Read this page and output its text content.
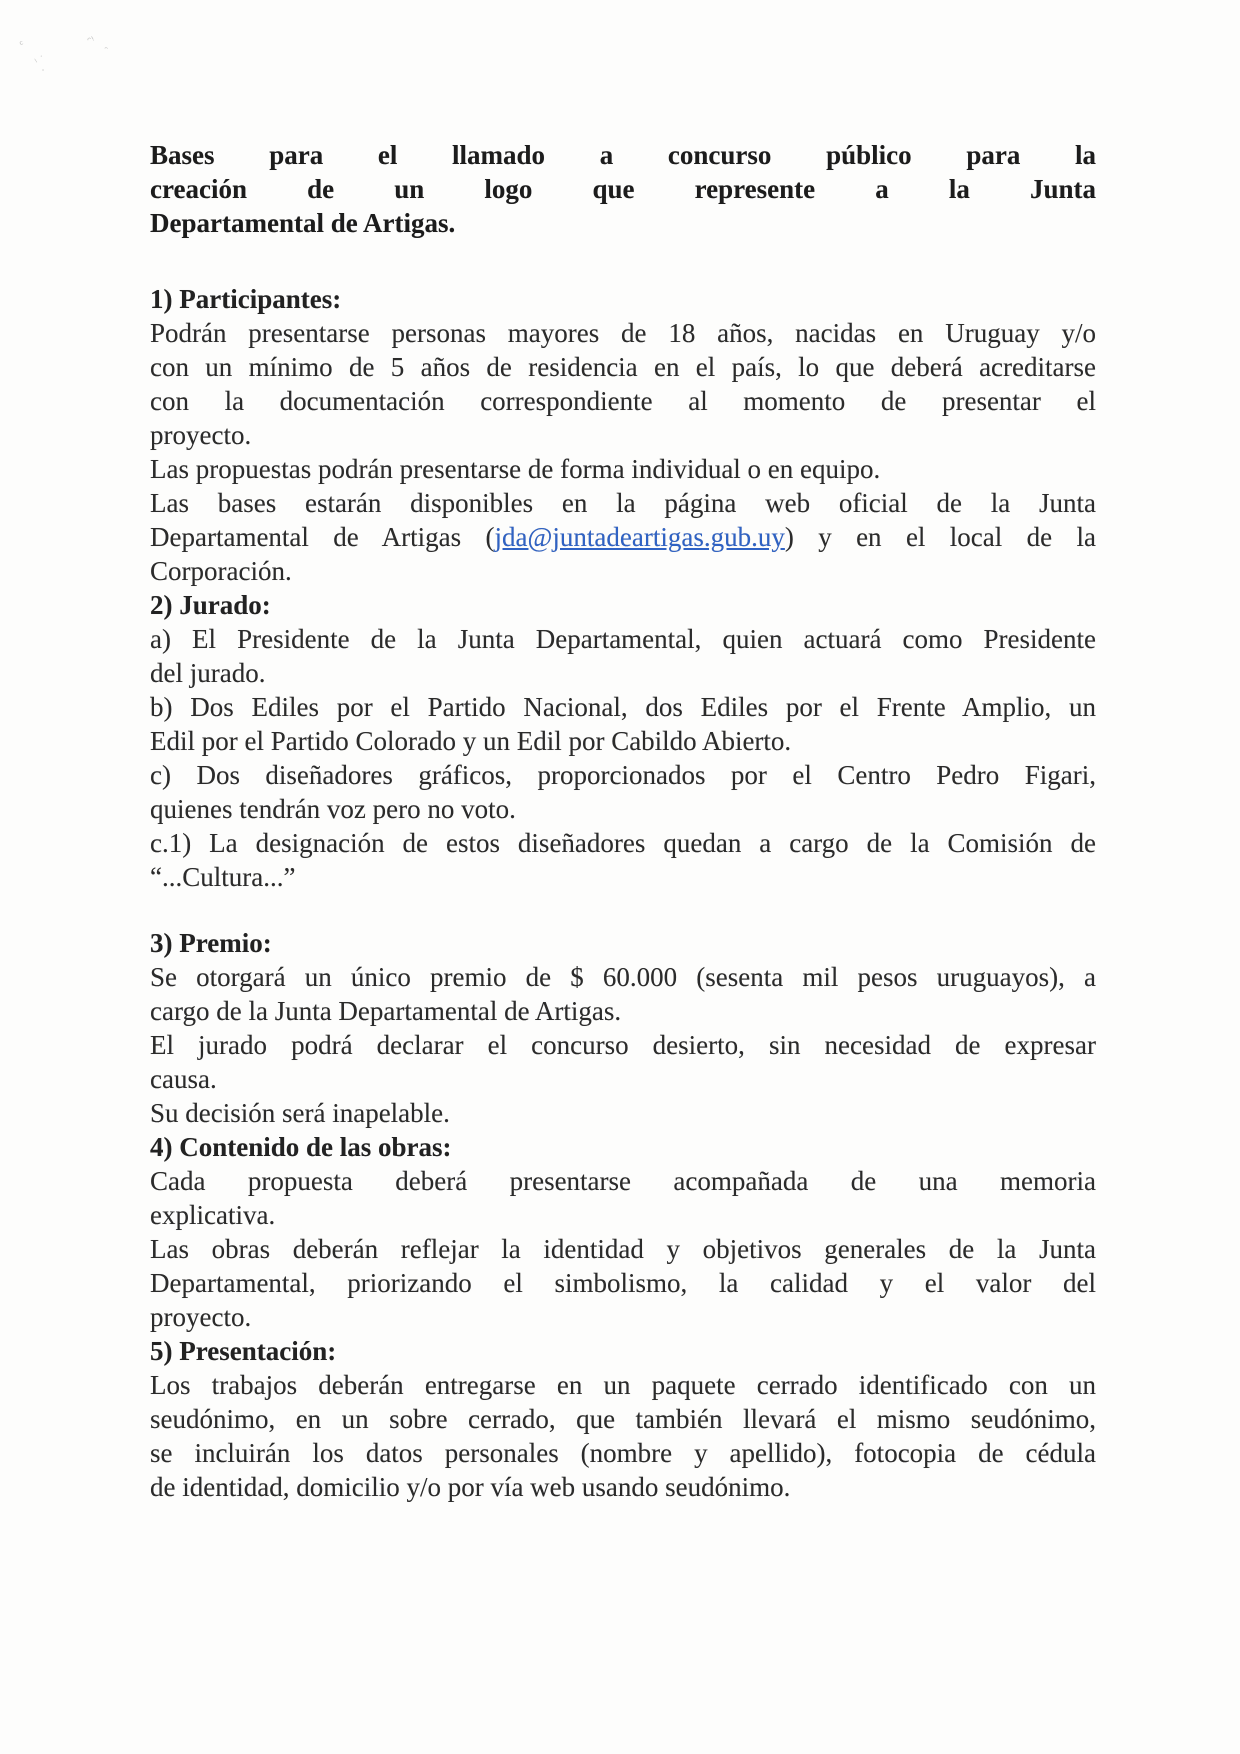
ᶜ
⸜˙
ᵔᵎ
ᵔ
˒
Bases para el llamado a concurso público para la
creación de un logo que represente a la Junta
Departamental de Artigas.
1) Participantes:
Podrán presentarse personas mayores de 18 años, nacidas en Uruguay y/o
con un mínimo de 5 años de residencia en el país, lo que deberá acreditarse
con la documentación correspondiente al momento de presentar el
proyecto.
Las propuestas podrán presentarse de forma individual o en equipo.
Las bases estarán disponibles en la página web oficial de la Junta
Departamental de Artigas (jda@juntadeartigas.gub.uy) y en el local de la
Corporación.
2) Jurado:
a) El Presidente de la Junta Departamental, quien actuará como Presidente
del jurado.
b) Dos Ediles por el Partido Nacional, dos Ediles por el Frente Amplio, un
Edil por el Partido Colorado y un Edil por Cabildo Abierto.
c) Dos diseñadores gráficos, proporcionados por el Centro Pedro Figari,
quienes tendrán voz pero no voto.
c.1) La designación de estos diseñadores quedan a cargo de la Comisión de
“...Cultura...”
3) Premio:
Se otorgará un único premio de $ 60.000 (sesenta mil pesos uruguayos), a
cargo de la Junta Departamental de Artigas.
El jurado podrá declarar el concurso desierto, sin necesidad de expresar
causa.
Su decisión será inapelable.
4) Contenido de las obras:
Cada propuesta deberá presentarse acompañada de una memoria
explicativa.
Las obras deberán reflejar la identidad y objetivos generales de la Junta
Departamental, priorizando el simbolismo, la calidad y el valor del
proyecto.
5) Presentación:
Los trabajos deberán entregarse en un paquete cerrado identificado con un
seudónimo, en un sobre cerrado, que también llevará el mismo seudónimo,
se incluirán los datos personales (nombre y apellido), fotocopia de cédula
de identidad, domicilio y/o por vía web usando seudónimo.
